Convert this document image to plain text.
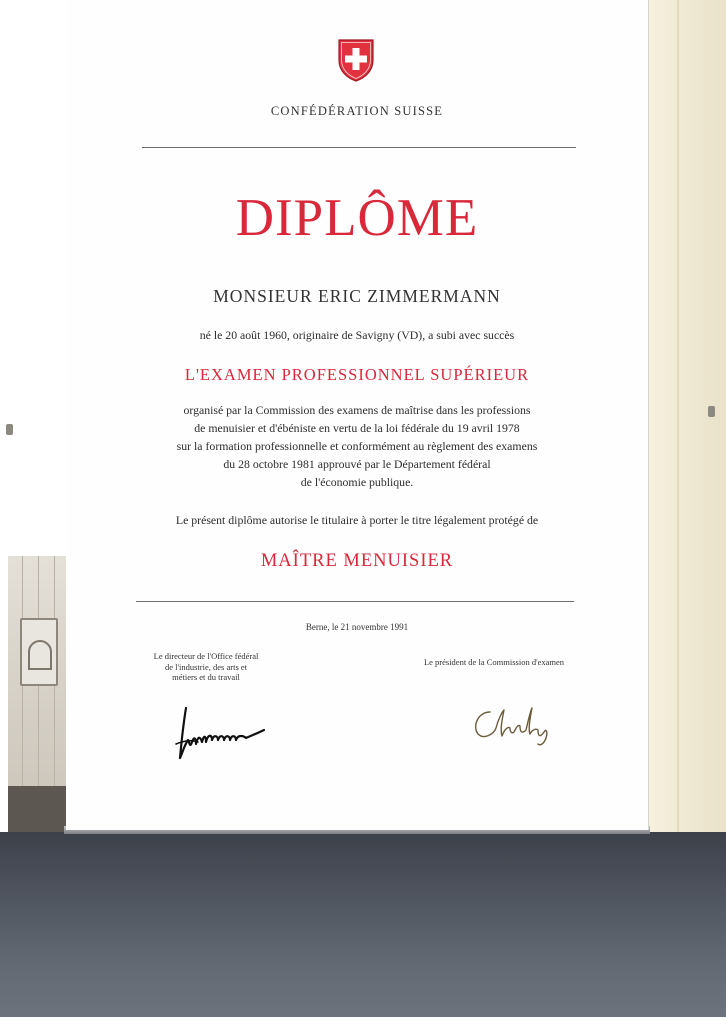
CONFÉDÉRATION SUISSE
DIPLÔME
MONSIEUR ERIC ZIMMERMANN
né le 20 août 1960, originaire de Savigny (VD), a subi avec succès
L'EXAMEN PROFESSIONNEL SUPÉRIEUR
organisé par la Commission des examens de maîtrise dans les professions
de menuisier et d'ébéniste en vertu de la loi fédérale du 19 avril 1978
sur la formation professionnelle et conformément au règlement des examens
du 28 octobre 1981 approuvé par le Département fédéral
de l'économie publique.
Le présent diplôme autorise le titulaire à porter le titre légalement protégé de
MAÎTRE MENUISIER
Berne, le 21 novembre 1991
Le directeur de l'Office fédéral
de l'industrie, des arts et
métiers et du travail
Le président de la Commission d'examen
